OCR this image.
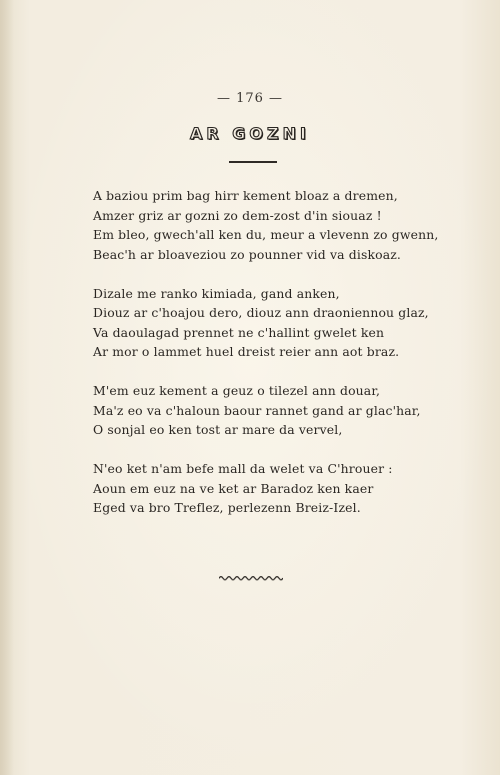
— 176 —
AR GOZNI
A baziou prim bag hirr kement bloaz a dremen,
Amzer griz ar gozni zo dem-zost d'in siouaz !
Em bleo, gwech'all ken du, meur a vlevenn zo gwenn,
Beac'h ar bloaveziou zo pounner vid va diskoaz.
Dizale me ranko kimiada, gand anken,
Diouz ar c'hoajou dero, diouz ann draoniennou glaz,
Va daoulagad prennet ne c'hallint gwelet ken
Ar mor o lammet huel dreist reier ann aot braz.
M'em euz kement a geuz o tilezel ann douar,
Ma'z eo va c'haloun baour rannet gand ar glac'har,
O sonjal eo ken tost ar mare da vervel,
N'eo ket n'am befe mall da welet va C'hrouer :
Aoun em euz na ve ket ar Baradoz ken kaer
Eged va bro Treflez, perlezenn Breiz-Izel.
